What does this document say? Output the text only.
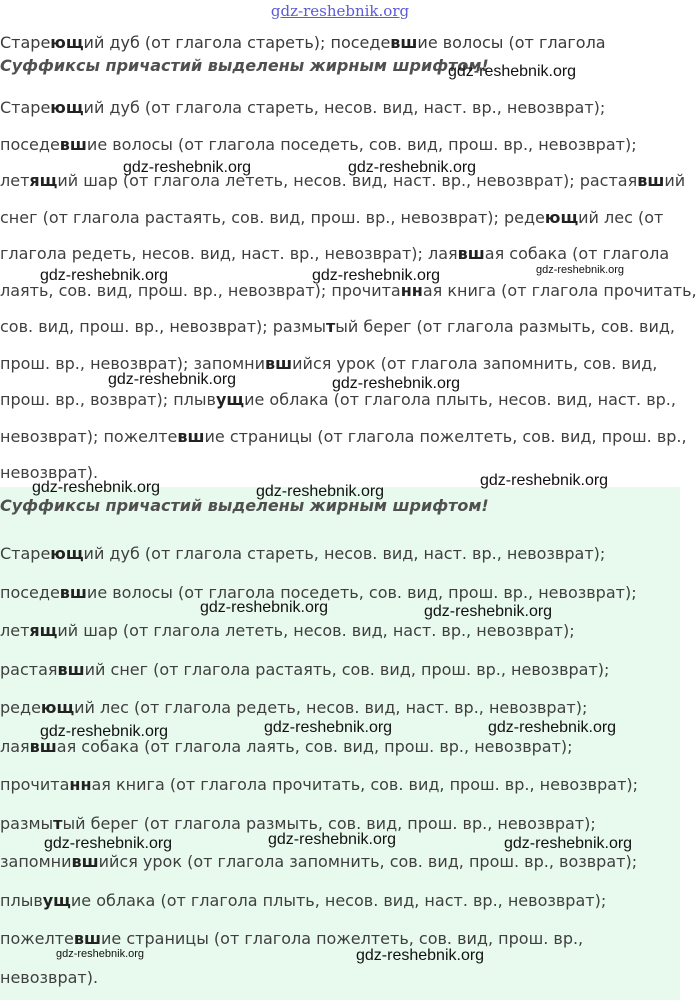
gdz-reshebnik.org
Стареющий дуб (от глагола стареть); поседевшие волосы (от глагола

Суффиксы причастий выделены жирным шрифтом!

Стареющий дуб (от глагола стареть, несов. вид, наст. вр., невозврат);
поседевшие волосы (от глагола поседеть, сов. вид, прош. вр., невозврат);
летящий шар (от глагола лететь, несов. вид, наст. вр., невозврат); растаявший
снег (от глагола растаять, сов. вид, прош. вр., невозврат); редеющий лес (от
глагола редеть, несов. вид, наст. вр., невозврат); лаявшая собака (от глагола
лаять, сов. вид, прош. вр., невозврат); прочитанная книга (от глагола прочитать,
сов. вид, прош. вр., невозврат); размытый берег (от глагола размыть, сов. вид,
прош. вр., невозврат); запомнившийся урок (от глагола запомнить, сов. вид,
прош. вр., возврат); плывущие облака (от глагола плыть, несов. вид, наст. вр.,
невозврат); пожелтевшие страницы (от глагола пожелтеть, сов. вид, прош. вр.,
невозврат).

Суффиксы причастий выделены жирным шрифтом!

Стареющий дуб (от глагола стареть, несов. вид, наст. вр., невозврат);
поседевшие волосы (от глагола поседеть, сов. вид, прош. вр., невозврат);
летящий шар (от глагола лететь, несов. вид, наст. вр., невозврат);
растаявший снег (от глагола растаять, сов. вид, прош. вр., невозврат);
редеющий лес (от глагола редеть, несов. вид, наст. вр., невозврат);
лаявшая собака (от глагола лаять, сов. вид, прош. вр., невозврат);
прочитанная книга (от глагола прочитать, сов. вид, прош. вр., невозврат);
размытый берег (от глагола размыть, сов. вид, прош. вр., невозврат);
запомнившийся урок (от глагола запомнить, сов. вид, прош. вр., возврат);
плывущие облака (от глагола плыть, несов. вид, наст. вр., невозврат);
пожелтевшие страницы (от глагола пожелтеть, сов. вид, прош. вр.,
невозврат).
gdz-reshebnik.org
gdz-reshebnik.org	gdz-reshebnik.org
gdz-reshebnik.org	gdz-reshebnik.org	gdz-reshebnik.org
gdz-reshebnik.org	gdz-reshebnik.org
gdz-reshebnik.org
gdz-reshebnik.org	gdz-reshebnik.org
gdz-reshebnik.org	gdz-reshebnik.org
gdz-reshebnik.org	gdz-reshebnik.org	gdz-reshebnik.org
gdz-reshebnik.org	gdz-reshebnik.org	gdz-reshebnik.org
gdz-reshebnik.org	gdz-reshebnik.org
